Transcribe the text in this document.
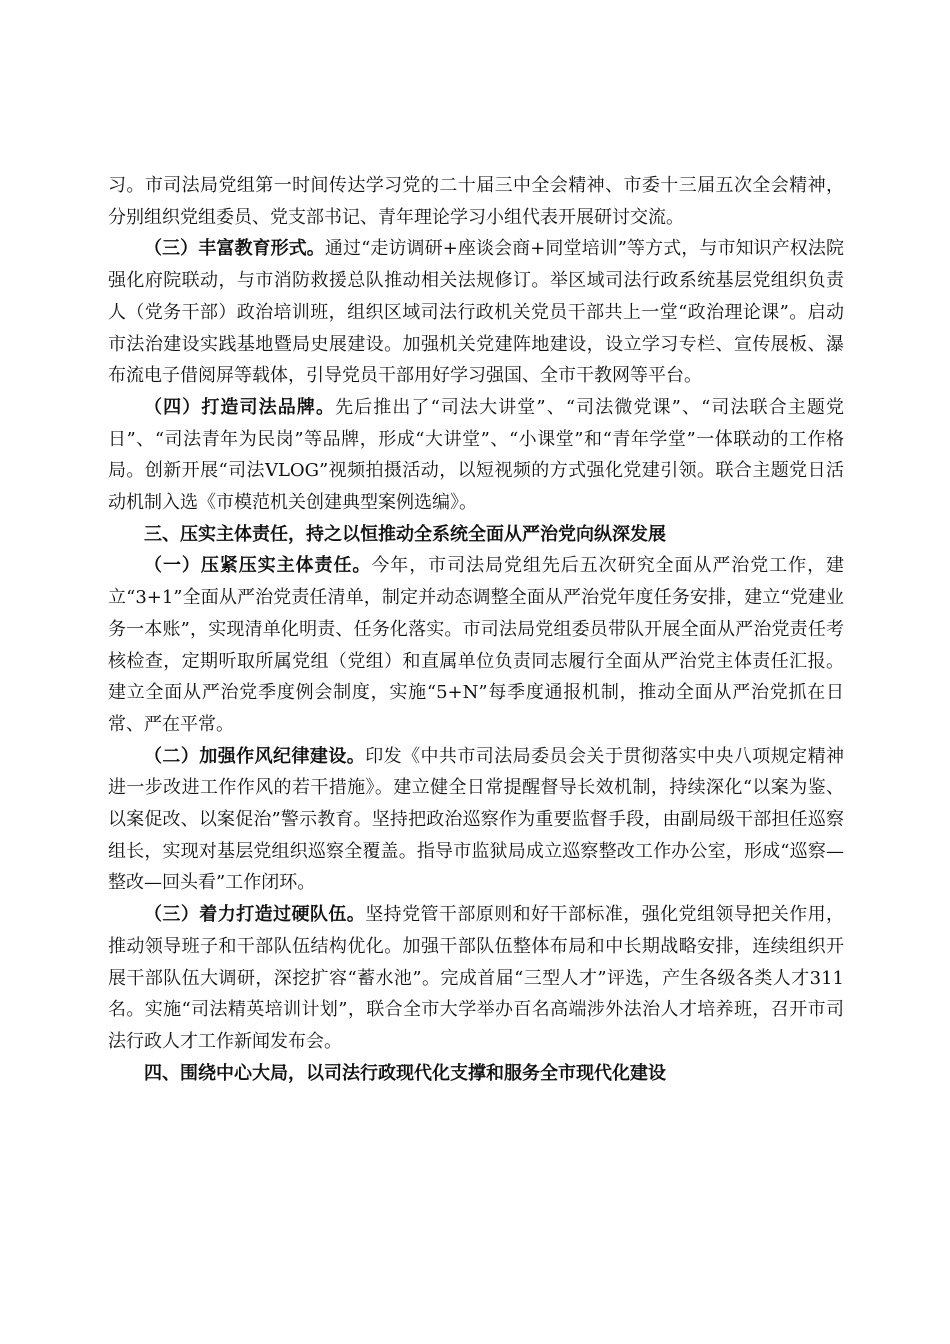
习。市司法局党组第一时间传达学习党的二十届三中全会精神、市委十三届五次全会精神，分别组织党组委员、党支部书记、青年理论学习小组代表开展研讨交流。

（三）丰富教育形式。通过“走访调研+座谈会商+同堂培训”等方式，与市知识产权法院强化府院联动，与市消防救援总队推动相关法规修订。举区域司法行政系统基层党组织负责人（党务干部）政治培训班，组织区域司法行政机关党员干部共上一堂“政治理论课”。启动市法治建设实践基地暨局史展建设。加强机关党建阵地建设，设立学习专栏、宣传展板、瀑布流电子借阅屏等载体，引导党员干部用好学习强国、全市干教网等平台。

（四）打造司法品牌。先后推出了“司法大讲堂”、“司法微党课”、“司法联合主题党日”、“司法青年为民岗”等品牌，形成“大讲堂”、“小课堂”和“青年学堂”一体联动的工作格局。创新开展“司法VLOG”视频拍摄活动，以短视频的方式强化党建引领。联合主题党日活动机制入选《市模范机关创建典型案例选编》。

三、压实主体责任，持之以恒推动全系统全面从严治党向纵深发展

（一）压紧压实主体责任。今年，市司法局党组先后五次研究全面从严治党工作，建立“3+1”全面从严治党责任清单，制定并动态调整全面从严治党年度任务安排，建立“党建业务一本账”，实现清单化明责、任务化落实。市司法局党组委员带队开展全面从严治党责任考核检查，定期听取所属党组（党组）和直属单位负责同志履行全面从严治党主体责任汇报。建立全面从严治党季度例会制度，实施“5+N”每季度通报机制，推动全面从严治党抓在日常、严在平常。

（二）加强作风纪律建设。印发《中共市司法局委员会关于贯彻落实中央八项规定精神进一步改进工作作风的若干措施》。建立健全日常提醒督导长效机制，持续深化“以案为鉴、以案促改、以案促治”警示教育。坚持把政治巡察作为重要监督手段，由副局级干部担任巡察组长，实现对基层党组织巡察全覆盖。指导市监狱局成立巡察整改工作办公室，形成“巡察—整改—回头看”工作闭环。

（三）着力打造过硬队伍。坚持党管干部原则和好干部标准，强化党组领导把关作用，推动领导班子和干部队伍结构优化。加强干部队伍整体布局和中长期战略安排，连续组织开展干部队伍大调研，深挖扩容“蓄水池”。完成首届“三型人才”评选，产生各级各类人才311名。实施“司法精英培训计划”，联合全市大学举办百名高端涉外法治人才培养班，召开市司法行政人才工作新闻发布会。

四、围绕中心大局，以司法行政现代化支撑和服务全市现代化建设
